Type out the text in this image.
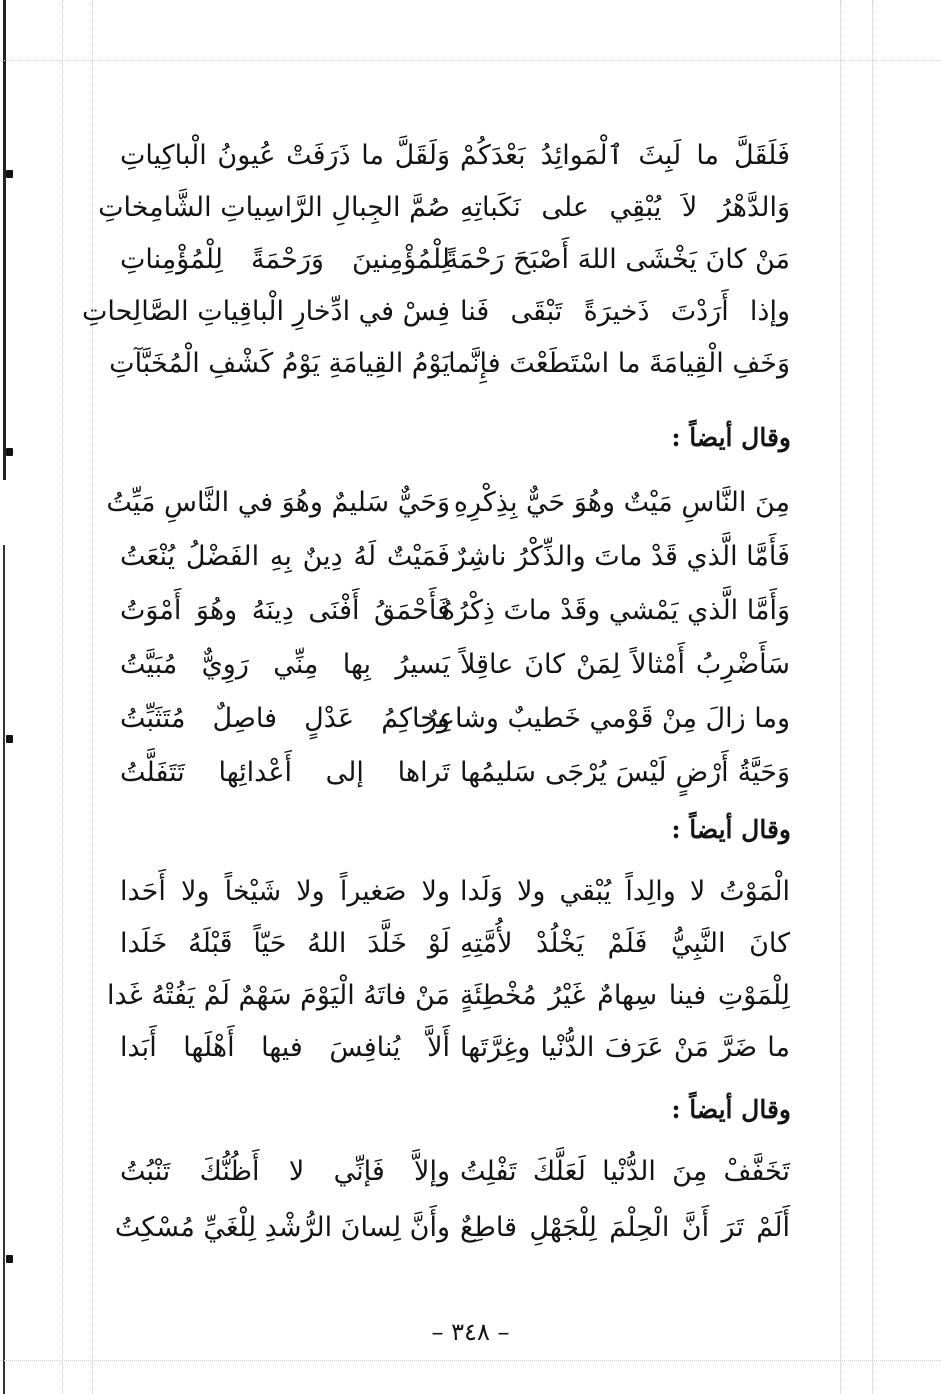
فَلَقَلَّ ما لَبِثَ ٱلْمَوائِدُ بَعْدَكُمْ
وَلَقَلَّ ما ذَرَفَتْ عُيونُ الْباكِياتِ
وَالدَّهْرُ لاَ يُبْقِي على نَكَباتِهِ
صُمَّ الجِبالِ الرَّاسِياتِ الشَّامِخاتِ
مَنْ كانَ يَخْشَى اللهَ أَصْبَحَ رَحْمَةً
لِلْمُؤْمِنينَ وَرَحْمَةً لِلْمُؤْمِناتِ
وإذا أَرَدْتَ ذَخيرَةً تَبْقَى فَنا
فِسْ في ادِّخارِ الْباقِياتِ الصَّالِحاتِ
وَخَفِ الْقِيامَةَ ما اسْتَطَعْتَ فإِنَّما
يَوْمُ القِيامَةِ يَوْمُ كَشْفِ الْمُخَبَّآتِ
وقال أيضاً :
مِنَ النَّاسِ مَيْتٌ وهُوَ حَيٌّ بِذِكْرِهِ
وَحَيٌّ سَليمٌ وهُوَ في النَّاسِ مَيِّتُ
فَأَمَّا الَّذي قَدْ ماتَ والذِّكْرُ ناشِرٌ
فَمَيْتٌ لَهُ دِينٌ بِهِ الفَضْلُ يُنْعَتُ
وَأَمَّا الَّذي يَمْشي وقَدْ ماتَ ذِكْرُهُ
فَأَحْمَقُ أَفْنَى دِينَهُ وهُوَ أَمْوَتُ
سَأَضْرِبُ أَمْثالاً لِمَنْ كانَ عاقِلاً
يَسيرُ بِها مِنِّي رَوِيٌّ مُبَيَّتُ
وما زالَ مِنْ قَوْمي خَطيبٌ وشاعِرٌ
وحاكِمُ عَدْلٍ فاصِلٌ مُتَثَبِّتُ
وَحَيَّةُ أَرْضٍ لَيْسَ يُرْجَى سَليمُها
تَراها إلى أَعْدائِها تَتَفَلَّتُ
وقال أيضاً :
الْمَوْتُ لا والِداً يُبْقي ولا وَلَدا
ولا صَغيراً ولا شَيْخاً ولا أَحَدا
كانَ النَّبِيُّ فَلَمْ يَخْلُدْ لأُمَّتِهِ
لَوْ خَلَّدَ اللهُ حَيّاً قَبْلَهُ خَلَدا
لِلْمَوْتِ فينا سِهامٌ غَيْرُ مُخْطِئَةٍ
مَنْ فاتَهُ الْيَوْمَ سَهْمٌ لَمْ يَفُتْهُ غَدا
ما ضَرَّ مَنْ عَرَفَ الدُّنْيا وغِرَّتَها
أَلاَّ يُنافِسَ فيها أَهْلَها أَبَدا
وقال أيضاً :
تَخَفَّفْ مِنَ الدُّنْيا لَعَلَّكَ تَفْلِتُ
وإلاَّ فَإنِّي لا أَظُنُّكَ تَنْبُتُ
أَلَمْ تَرَ أَنَّ الْحِلْمَ لِلْجَهْلِ قاطِعٌ
وأَنَّ لِسانَ الرُّشْدِ لِلْغَيِّ مُسْكِتُ
– ٣٤٨ –
